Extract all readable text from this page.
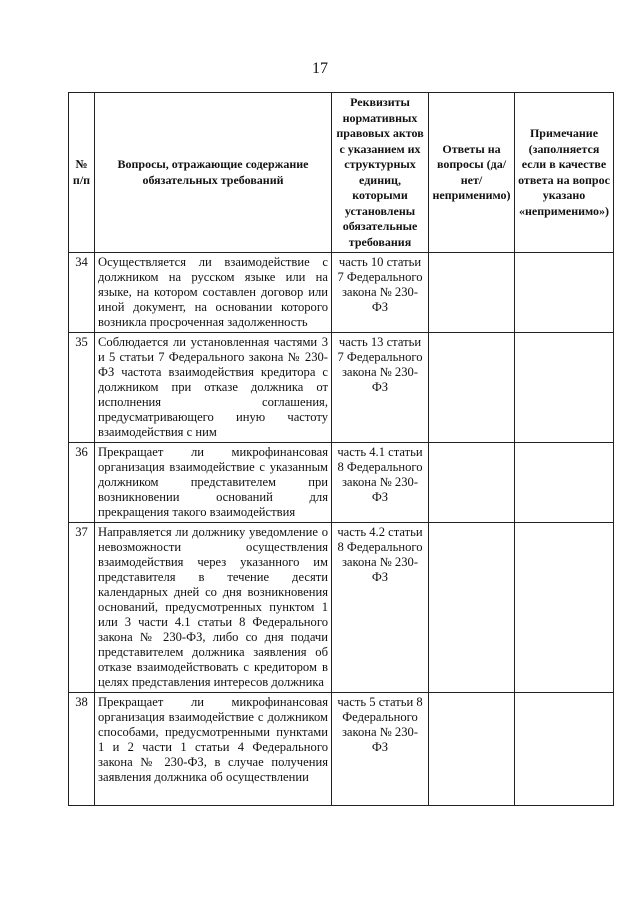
17
№ п/п	Вопросы, отражающие содержание обязательных требований	Реквизиты нормативных правовых актов с указанием их структурных единиц, которыми установлены обязательные требования	Ответы на вопросы (да/нет/ неприменимо)	Примечание (заполняется если в качестве ответа на вопрос указано «неприменимо»)
34	Осуществляется ли взаимодействие с должником на русском языке или на языке, на котором составлен договор или иной документ, на основании которого возникла просроченная задолженность	часть 10 статьи 7 Федерального закона № 230-ФЗ		
35	Соблюдается ли установленная частями 3 и 5 статьи 7 Федерального закона № 230-ФЗ частота взаимодействия кредитора с должником при отказе должника от исполнения соглашения, предусматривающего иную частоту взаимодействия с ним	часть 13 статьи 7 Федерального закона № 230-ФЗ		
36	Прекращает ли микрофинансовая организация взаимодействие с указанным должником представителем при возникновении оснований для прекращения такого взаимодействия	часть 4.1 статьи 8 Федерального закона № 230-ФЗ		
37	Направляется ли должнику уведомление о невозможности осуществления взаимодействия через указанного им представителя в течение десяти календарных дней со дня возникновения оснований, предусмотренных пунктом 1 или 3 части 4.1 статьи 8 Федерального закона № 230-ФЗ, либо со дня подачи представителем должника заявления об отказе взаимодействовать с кредитором в целях представления интересов должника	часть 4.2 статьи 8 Федерального закона № 230-ФЗ		
38	Прекращает ли микрофинансовая организация взаимодействие с должником способами, предусмотренными пунктами 1 и 2 части 1 статьи 4 Федерального закона № 230-ФЗ, в случае получения заявления должника об осуществлении	часть 5 статьи 8 Федерального закона № 230-ФЗ		
